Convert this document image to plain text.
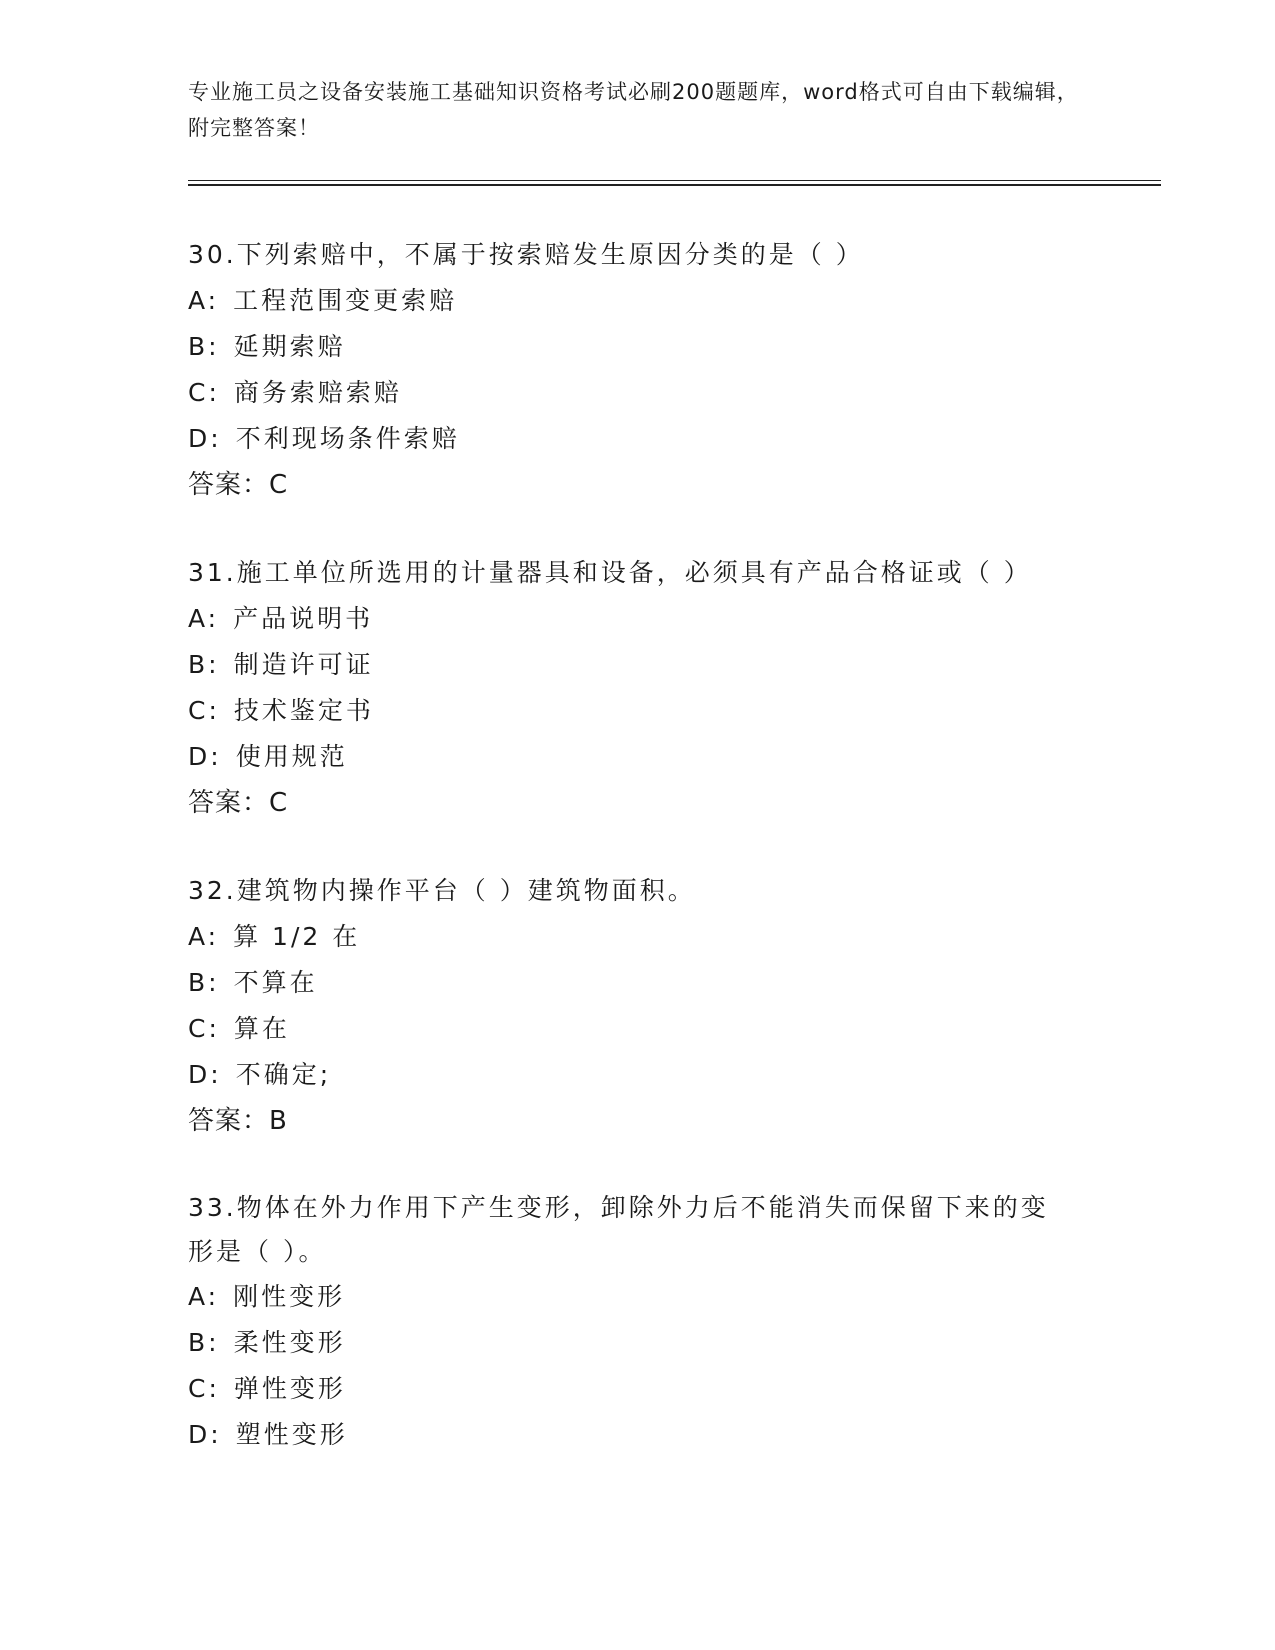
专业施工员之设备安装施工基础知识资格考试必刷200题题库，word格式可自由下载编辑，附完整答案！
30.下列索赔中，不属于按索赔发生原因分类的是（ ）
A: 工程范围变更索赔
B: 延期索赔
C: 商务索赔索赔
D: 不利现场条件索赔
答案：C
31.施工单位所选用的计量器具和设备，必须具有产品合格证或（ ）
A: 产品说明书
B: 制造许可证
C: 技术鉴定书
D: 使用规范
答案：C
32.建筑物内操作平台（ ）建筑物面积。
A: 算 1/2 在
B: 不算在
C: 算在
D: 不确定;
答案：B
33.物体在外力作用下产生变形，卸除外力后不能消失而保留下来的变形是（ ）。
A: 刚性变形
B: 柔性变形
C: 弹性变形
D: 塑性变形
